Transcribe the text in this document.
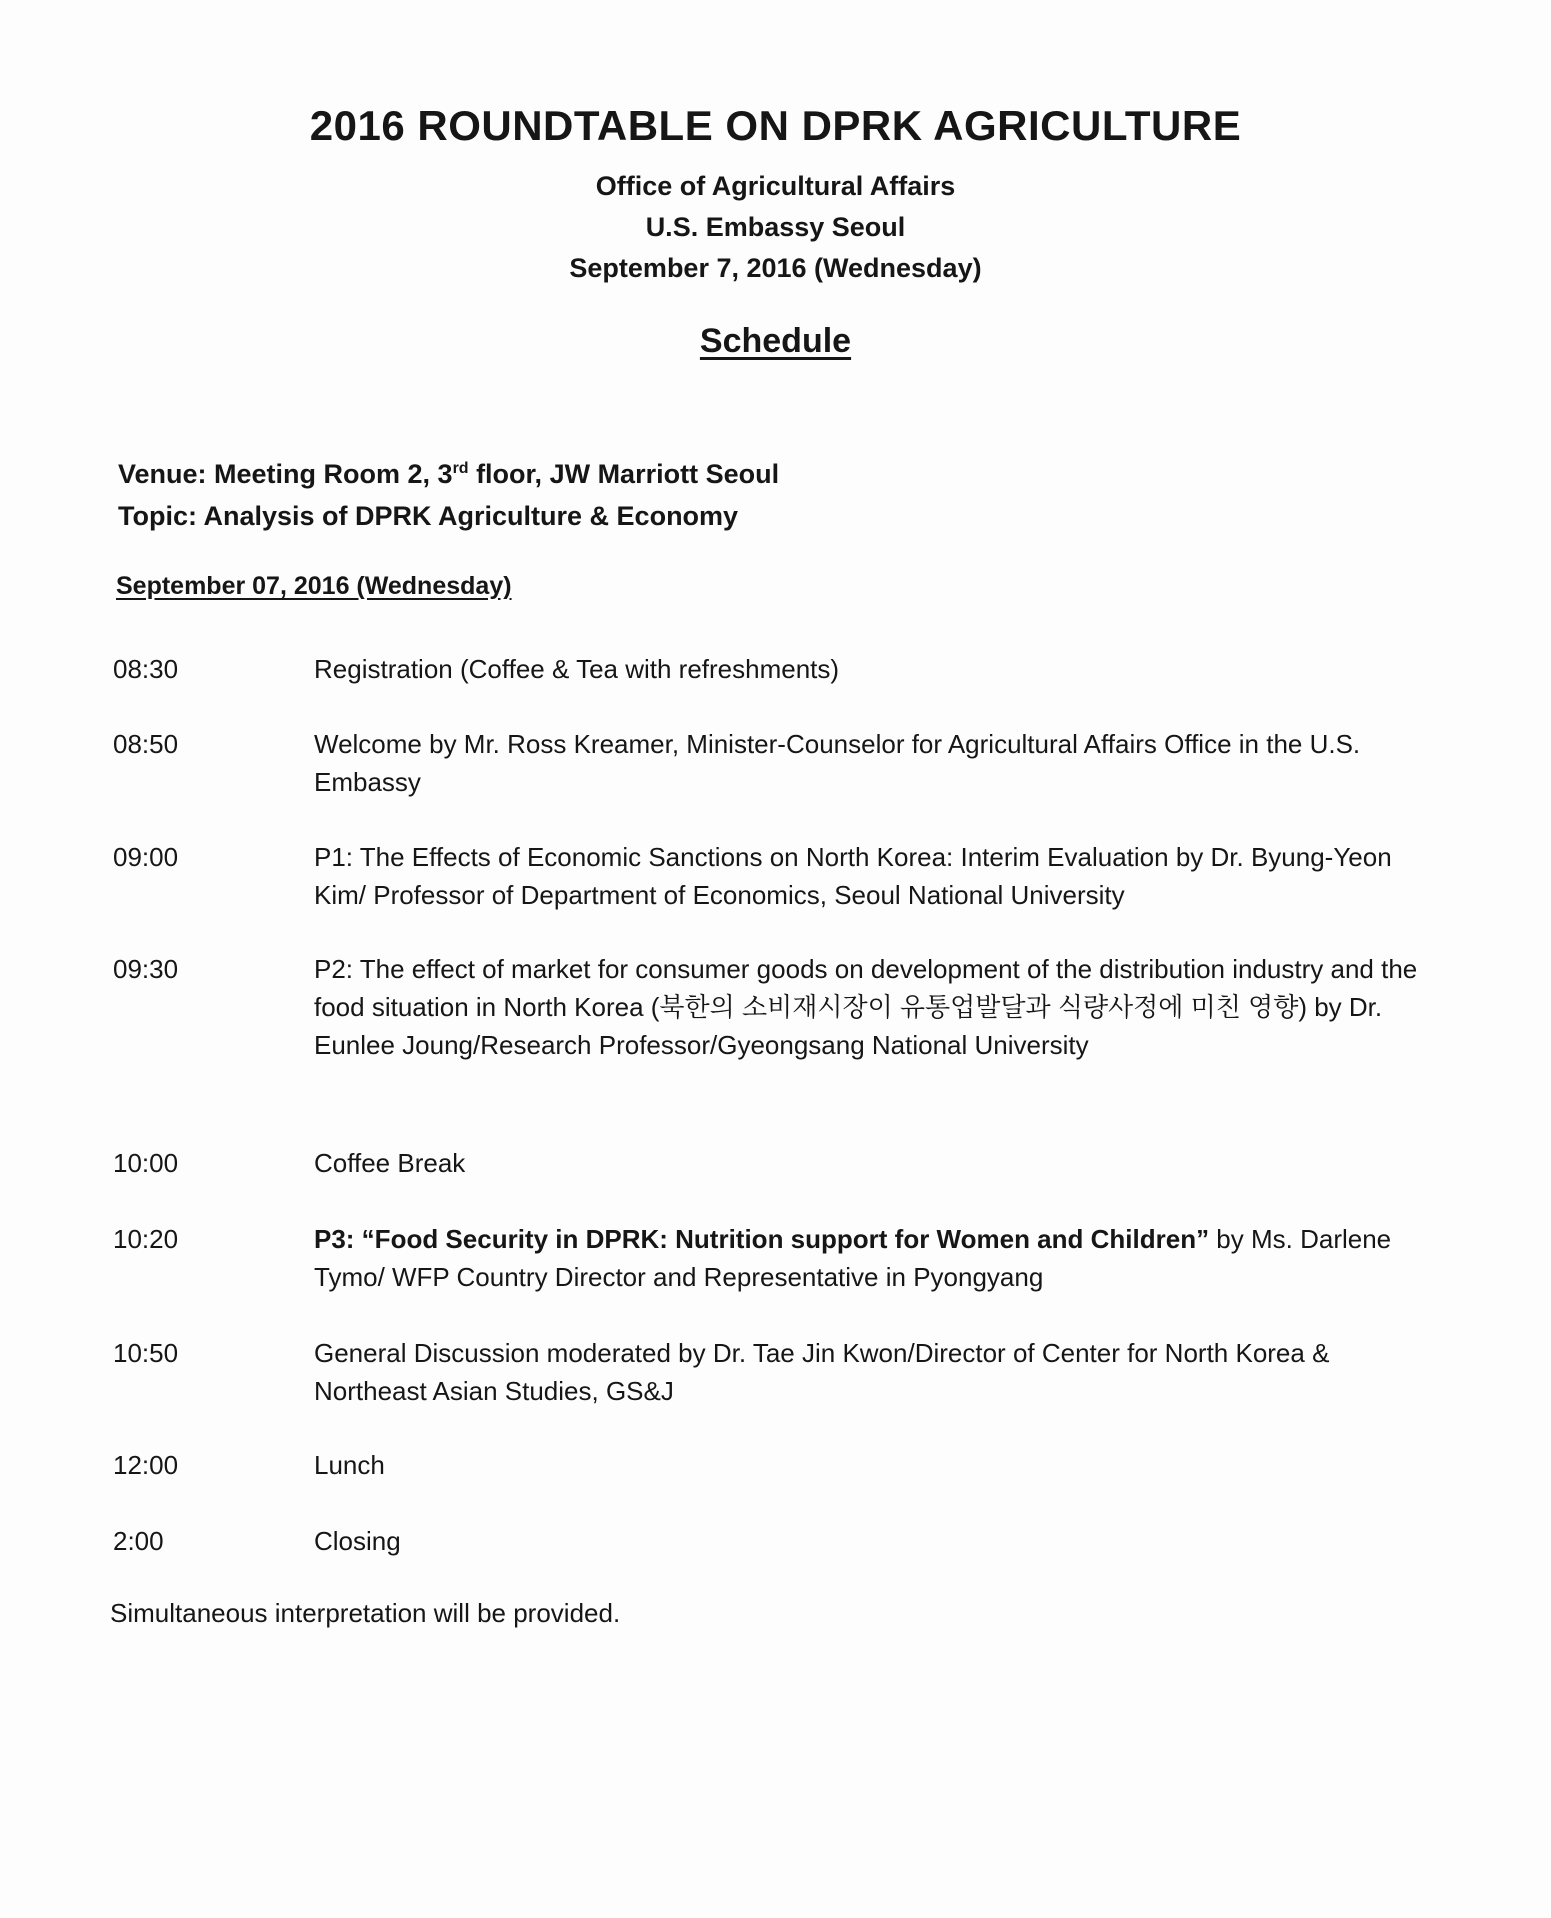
2016 ROUNDTABLE ON DPRK AGRICULTURE
Office of Agricultural Affairs
U.S. Embassy Seoul
September 7, 2016 (Wednesday)
Schedule
Venue: Meeting Room 2, 3rd floor, JW Marriott Seoul
Topic: Analysis of DPRK Agriculture & Economy
September 07, 2016 (Wednesday)
08:30	Registration (Coffee & Tea with refreshments)
08:50	Welcome by Mr. Ross Kreamer, Minister-Counselor for Agricultural Affairs Office in the U.S. Embassy
09:00	P1: The Effects of Economic Sanctions on North Korea: Interim Evaluation by Dr. Byung-Yeon Kim/ Professor of Department of Economics, Seoul National University
09:30	P2: The effect of market for consumer goods on development of the distribution industry and the food situation in North Korea (북한의 소비재시장이 유통업발달과 식량사정에 미친 영향) by Dr. Eunlee Joung/Research Professor/Gyeongsang National University
10:00	Coffee Break
10:20	P3: “Food Security in DPRK: Nutrition support for Women and Children” by Ms. Darlene Tymo/ WFP Country Director and Representative in Pyongyang
10:50	General Discussion moderated by Dr. Tae Jin Kwon/Director of Center for North Korea & Northeast Asian Studies, GS&J
12:00	Lunch
2:00	Closing
Simultaneous interpretation will be provided.
